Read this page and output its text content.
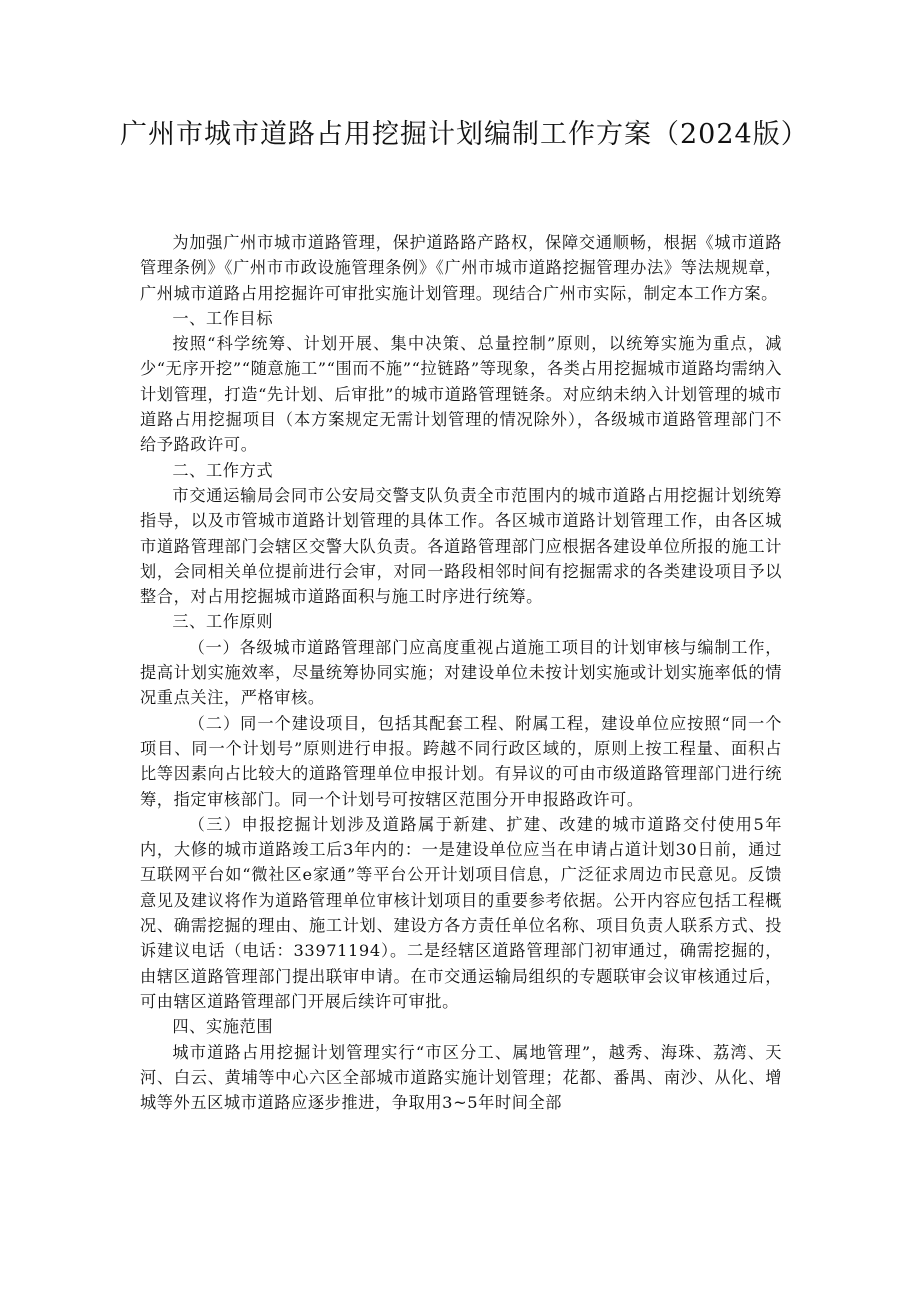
广州市城市道路占用挖掘计划编制工作方案（2024版）

为加强广州市城市道路管理，保护道路路产路权，保障交通顺畅，根据《城市道路管理条例》《广州市市政设施管理条例》《广州市城市道路挖掘管理办法》等法规规章，广州城市道路占用挖掘许可审批实施计划管理。现结合广州市实际，制定本工作方案。

一、工作目标

按照“科学统筹、计划开展、集中决策、总量控制”原则，以统筹实施为重点，减少“无序开挖”“随意施工”“围而不施”“拉链路”等现象，各类占用挖掘城市道路均需纳入计划管理，打造“先计划、后审批”的城市道路管理链条。对应纳未纳入计划管理的城市道路占用挖掘项目（本方案规定无需计划管理的情况除外），各级城市道路管理部门不给予路政许可。

二、工作方式

市交通运输局会同市公安局交警支队负责全市范围内的城市道路占用挖掘计划统筹指导，以及市管城市道路计划管理的具体工作。各区城市道路计划管理工作，由各区城市道路管理部门会辖区交警大队负责。各道路管理部门应根据各建设单位所报的施工计划，会同相关单位提前进行会审，对同一路段相邻时间有挖掘需求的各类建设项目予以整合，对占用挖掘城市道路面积与施工时序进行统筹。

三、工作原则

（一）各级城市道路管理部门应高度重视占道施工项目的计划审核与编制工作，提高计划实施效率，尽量统筹协同实施；对建设单位未按计划实施或计划实施率低的情况重点关注，严格审核。

（二）同一个建设项目，包括其配套工程、附属工程，建设单位应按照“同一个项目、同一个计划号”原则进行申报。跨越不同行政区域的，原则上按工程量、面积占比等因素向占比较大的道路管理单位申报计划。有异议的可由市级道路管理部门进行统筹，指定审核部门。同一个计划号可按辖区范围分开申报路政许可。

（三）申报挖掘计划涉及道路属于新建、扩建、改建的城市道路交付使用5年内，大修的城市道路竣工后3年内的：一是建设单位应当在申请占道计划30日前，通过互联网平台如“微社区e家通”等平台公开计划项目信息，广泛征求周边市民意见。反馈意见及建议将作为道路管理单位审核计划项目的重要参考依据。公开内容应包括工程概况、确需挖掘的理由、施工计划、建设方各方责任单位名称、项目负责人联系方式、投诉建议电话（电话：33971194）。二是经辖区道路管理部门初审通过，确需挖掘的，由辖区道路管理部门提出联审申请。在市交通运输局组织的专题联审会议审核通过后，可由辖区道路管理部门开展后续许可审批。

四、实施范围

城市道路占用挖掘计划管理实行“市区分工、属地管理”，越秀、海珠、荔湾、天河、白云、黄埔等中心六区全部城市道路实施计划管理；花都、番禺、南沙、从化、增城等外五区城市道路应逐步推进，争取用3~5年时间全部
